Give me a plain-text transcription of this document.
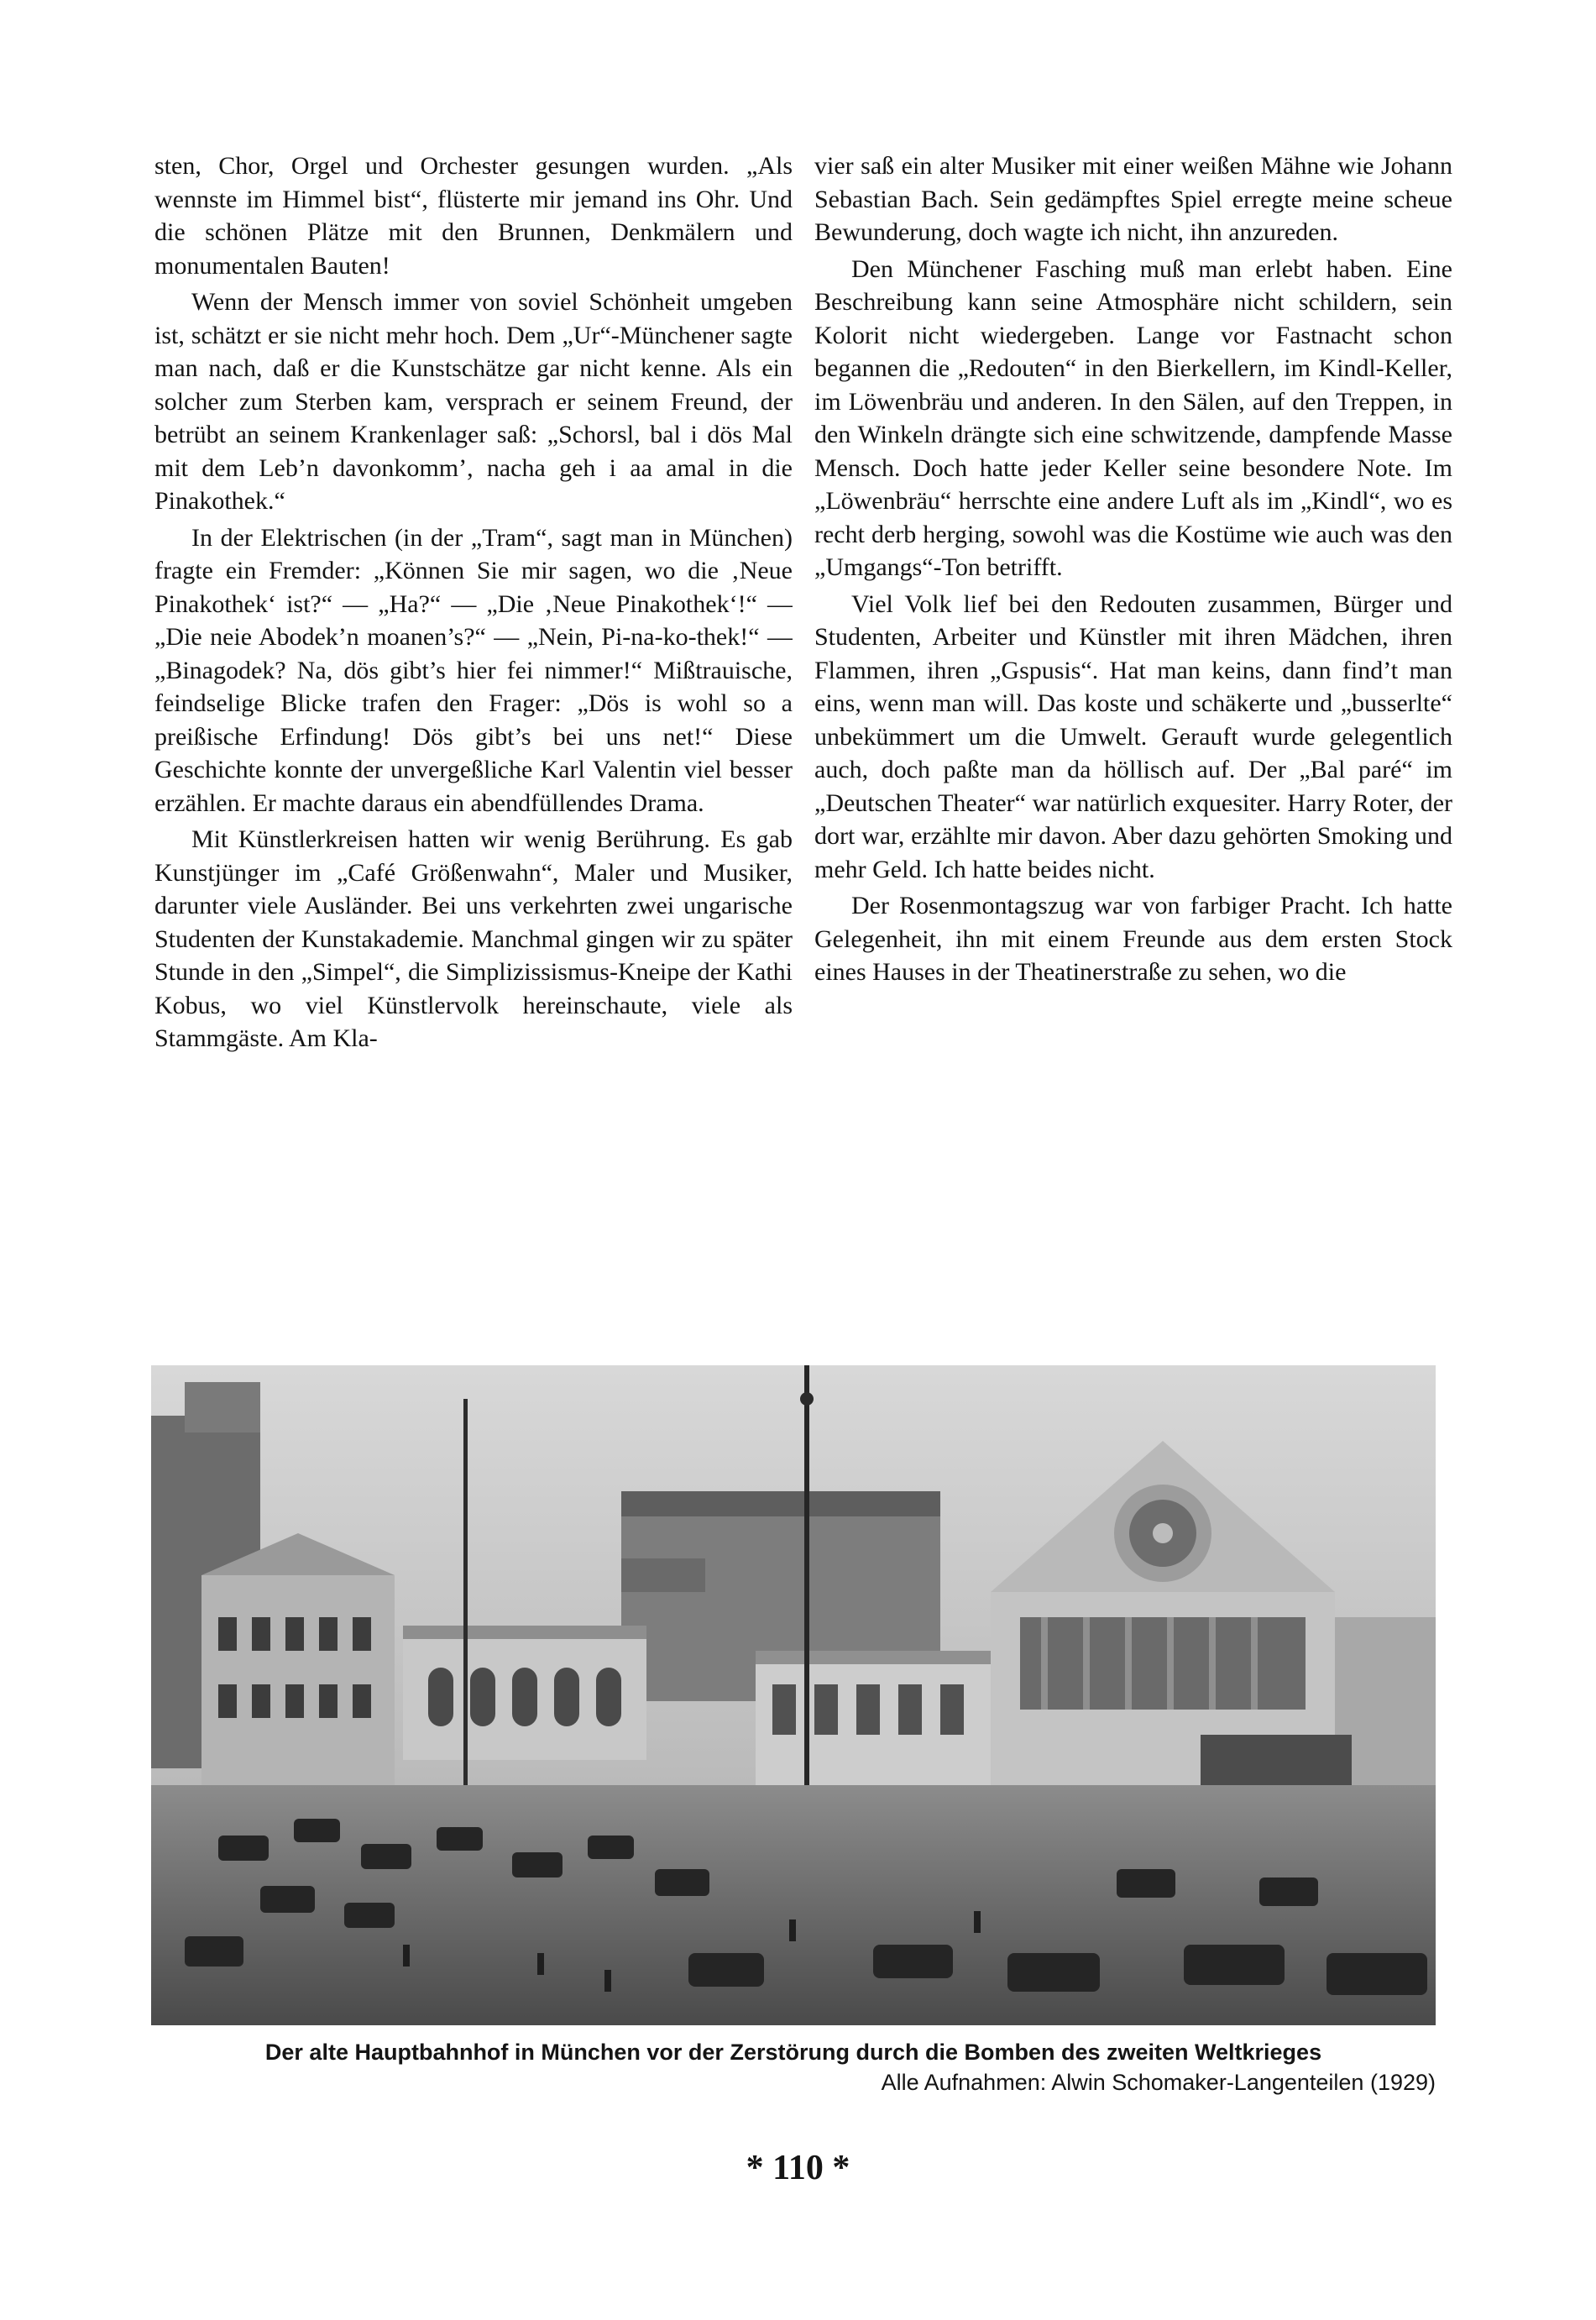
sten, Chor, Orgel und Orchester gesungen wurden. „Als wennste im Himmel bist“, flüsterte mir jemand ins Ohr. Und die schönen Plätze mit den Brunnen, Denkmälern und monumentalen Bauten!

Wenn der Mensch immer von soviel Schönheit umgeben ist, schätzt er sie nicht mehr hoch. Dem „Ur“-Münchener sagte man nach, daß er die Kunstschätze gar nicht kenne. Als ein solcher zum Sterben kam, versprach er seinem Freund, der betrübt an seinem Krankenlager saß: „Schorsl, bal i dös Mal mit dem Leb’n davonkomm’, nacha geh i aa amal in die Pinakothek.“

In der Elektrischen (in der „Tram“, sagt man in München) fragte ein Fremder: „Können Sie mir sagen, wo die ‚Neue Pinakothek‘ ist?“ — „Ha?“ — „Die ‚Neue Pinakothek‘!“ — „Die neie Abodek’n moanen’s?“ — „Nein, Pi-na-ko-thek!“ — „Binagodek? Na, dös gibt’s hier fei nimmer!“ Mißtrauische, feindselige Blicke trafen den Frager: „Dös is wohl so a preißische Erfindung! Dös gibt’s bei uns net!“ Diese Geschichte konnte der unvergeßliche Karl Valentin viel besser erzählen. Er machte daraus ein abendfüllendes Drama.

Mit Künstlerkreisen hatten wir wenig Berührung. Es gab Kunstjünger im „Café Größenwahn“, Maler und Musiker, darunter viele Ausländer. Bei uns verkehrten zwei ungarische Studenten der Kunstakademie. Manchmal gingen wir zu später Stunde in den „Simpel“, die Simplizissismus-Kneipe der Kathi Kobus, wo viel Künstlervolk hereinschaute, viele als Stammgäste. Am Kla-

vier saß ein alter Musiker mit einer weißen Mähne wie Johann Sebastian Bach. Sein gedämpftes Spiel erregte meine scheue Bewunderung, doch wagte ich nicht, ihn anzureden.

Den Münchener Fasching muß man erlebt haben. Eine Beschreibung kann seine Atmosphäre nicht schildern, sein Kolorit nicht wiedergeben. Lange vor Fastnacht schon begannen die „Redouten“ in den Bierkellern, im Kindl-Keller, im Löwenbräu und anderen. In den Sälen, auf den Treppen, in den Winkeln drängte sich eine schwitzende, dampfende Masse Mensch. Doch hatte jeder Keller seine besondere Note. Im „Löwenbräu“ herrschte eine andere Luft als im „Kindl“, wo es recht derb herging, sowohl was die Kostüme wie auch was den „Umgangs“-Ton betrifft.

Viel Volk lief bei den Redouten zusammen, Bürger und Studenten, Arbeiter und Künstler mit ihren Mädchen, ihren Flammen, ihren „Gspusis“. Hat man keins, dann find’t man eins, wenn man will. Das koste und schäkerte und „busserlte“ unbekümmert um die Umwelt. Gerauft wurde gelegentlich auch, doch paßte man da höllisch auf. Der „Bal paré“ im „Deutschen Theater“ war natürlich exquesiter. Harry Roter, der dort war, erzählte mir davon. Aber dazu gehörten Smoking und mehr Geld. Ich hatte beides nicht.

Der Rosenmontagszug war von farbiger Pracht. Ich hatte Gelegenheit, ihn mit einem Freunde aus dem ersten Stock eines Hauses in der Theatinerstraße zu sehen, wo die

Der alte Hauptbahnhof in München vor der Zerstörung durch die Bomben des zweiten Weltkrieges
Alle Aufnahmen: Alwin Schomaker-Langenteilen (1929)
* 110 *
